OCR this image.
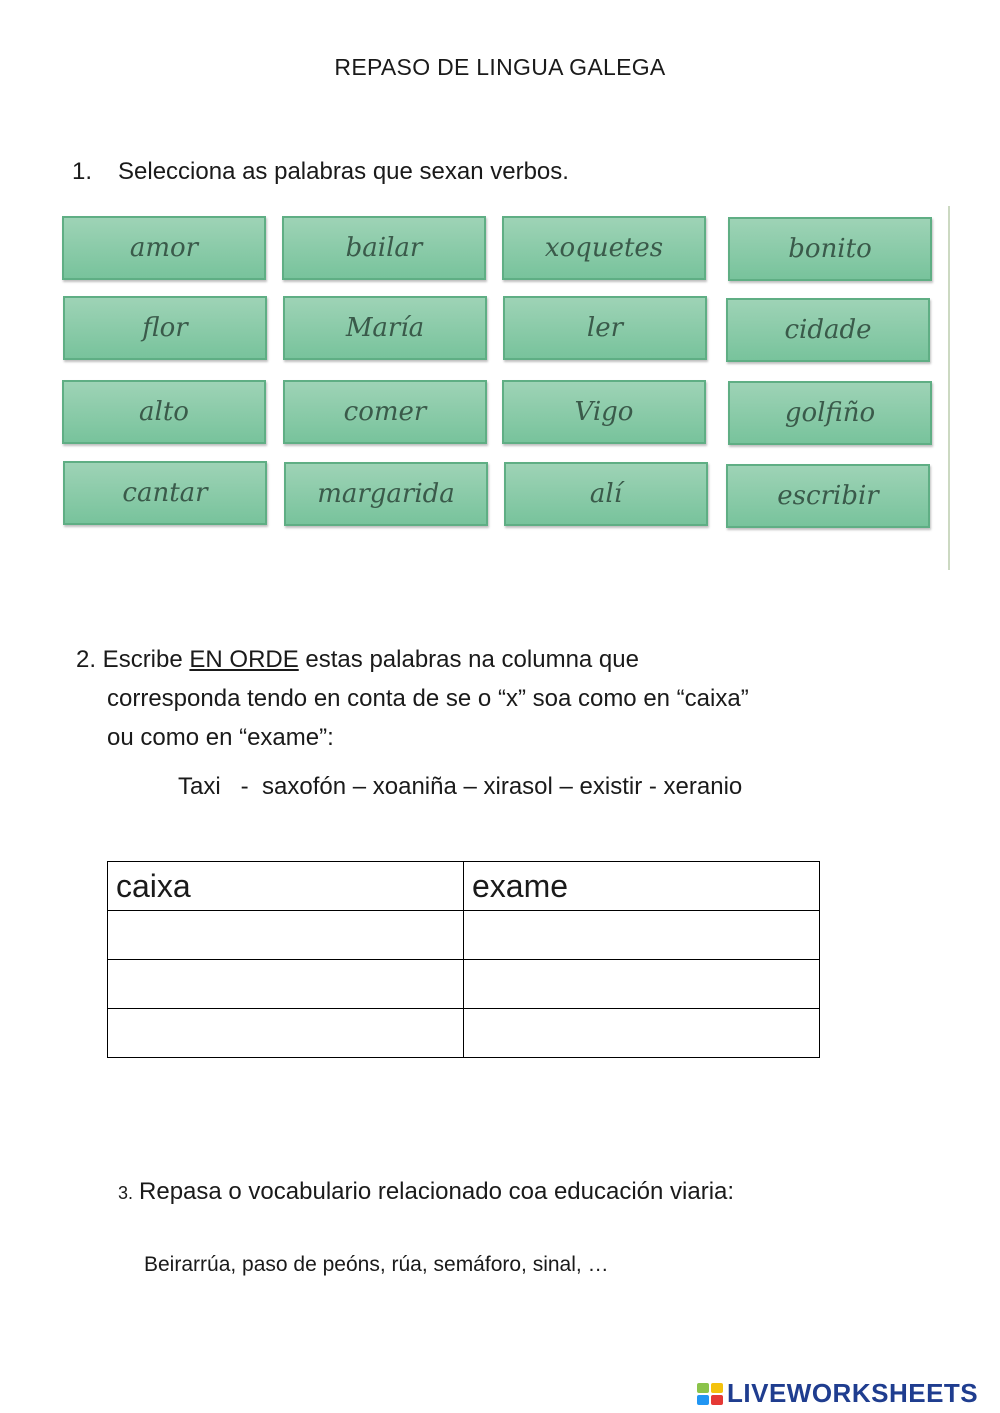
REPASO DE LINGUA GALEGA
1. Selecciona as palabras que sexan verbos.
amor	bailar	xoquetes	bonito
flor	María	ler	cidade
alto	comer	Vigo	golfiño
cantar	margarida	alí	escribir
2. Escribe EN ORDE estas palabras na columna que
corresponda tendo en conta de se o “x” soa como en “caixa”
ou como en “exame”:
Taxi   -  saxofón – xoaniña – xirasol – existir - xeranio
caixa	exame

3. Repasa o vocabulario relacionado coa educación viaria:
Beirarrúa, paso de peóns, rúa, semáforo, sinal, …
LIVEWORKSHEETS
